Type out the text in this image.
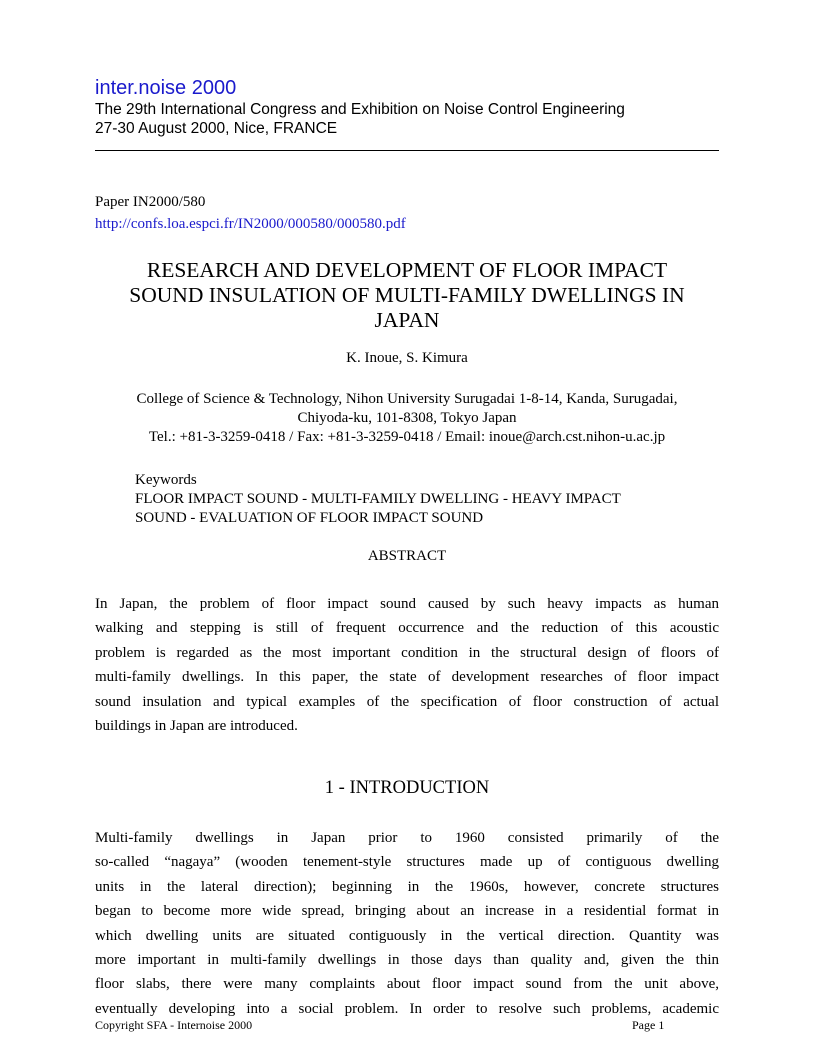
inter.noise 2000
The 29th International Congress and Exhibition on Noise Control Engineering
27-30 August 2000, Nice, FRANCE
Paper IN2000/580
http://confs.loa.espci.fr/IN2000/000580/000580.pdf
RESEARCH AND DEVELOPMENT OF FLOOR IMPACT
SOUND INSULATION OF MULTI-FAMILY DWELLINGS IN
JAPAN
K. Inoue, S. Kimura
College of Science & Technology, Nihon University Surugadai 1-8-14, Kanda, Surugadai,
Chiyoda-ku, 101-8308, Tokyo Japan
Tel.: +81-3-3259-0418 / Fax: +81-3-3259-0418 / Email: inoue@arch.cst.nihon-u.ac.jp
Keywords
FLOOR IMPACT SOUND - MULTI-FAMILY DWELLING - HEAVY IMPACT
SOUND - EVALUATION OF FLOOR IMPACT SOUND
ABSTRACT
In Japan, the problem of floor impact sound caused by such heavy impacts as human
walking and stepping is still of frequent occurrence and the reduction of this acoustic
problem is regarded as the most important condition in the structural design of floors of
multi-family dwellings. In this paper, the state of development researches of floor impact
sound insulation and typical examples of the specification of floor construction of actual
buildings in Japan are introduced.
1 - INTRODUCTION
Multi-family dwellings in Japan prior to 1960 consisted primarily of the
so-called “nagaya” (wooden tenement-style structures made up of contiguous dwelling
units in the lateral direction); beginning in the 1960s, however, concrete structures
began to become more wide spread, bringing about an increase in a residential format in
which dwelling units are situated contiguously in the vertical direction. Quantity was
more important in multi-family dwellings in those days than quality and, given the thin
floor slabs, there were many complaints about floor impact sound from the unit above,
eventually developing into a social problem. In order to resolve such problems, academic
Copyright SFA - Internoise 2000	Page 1
